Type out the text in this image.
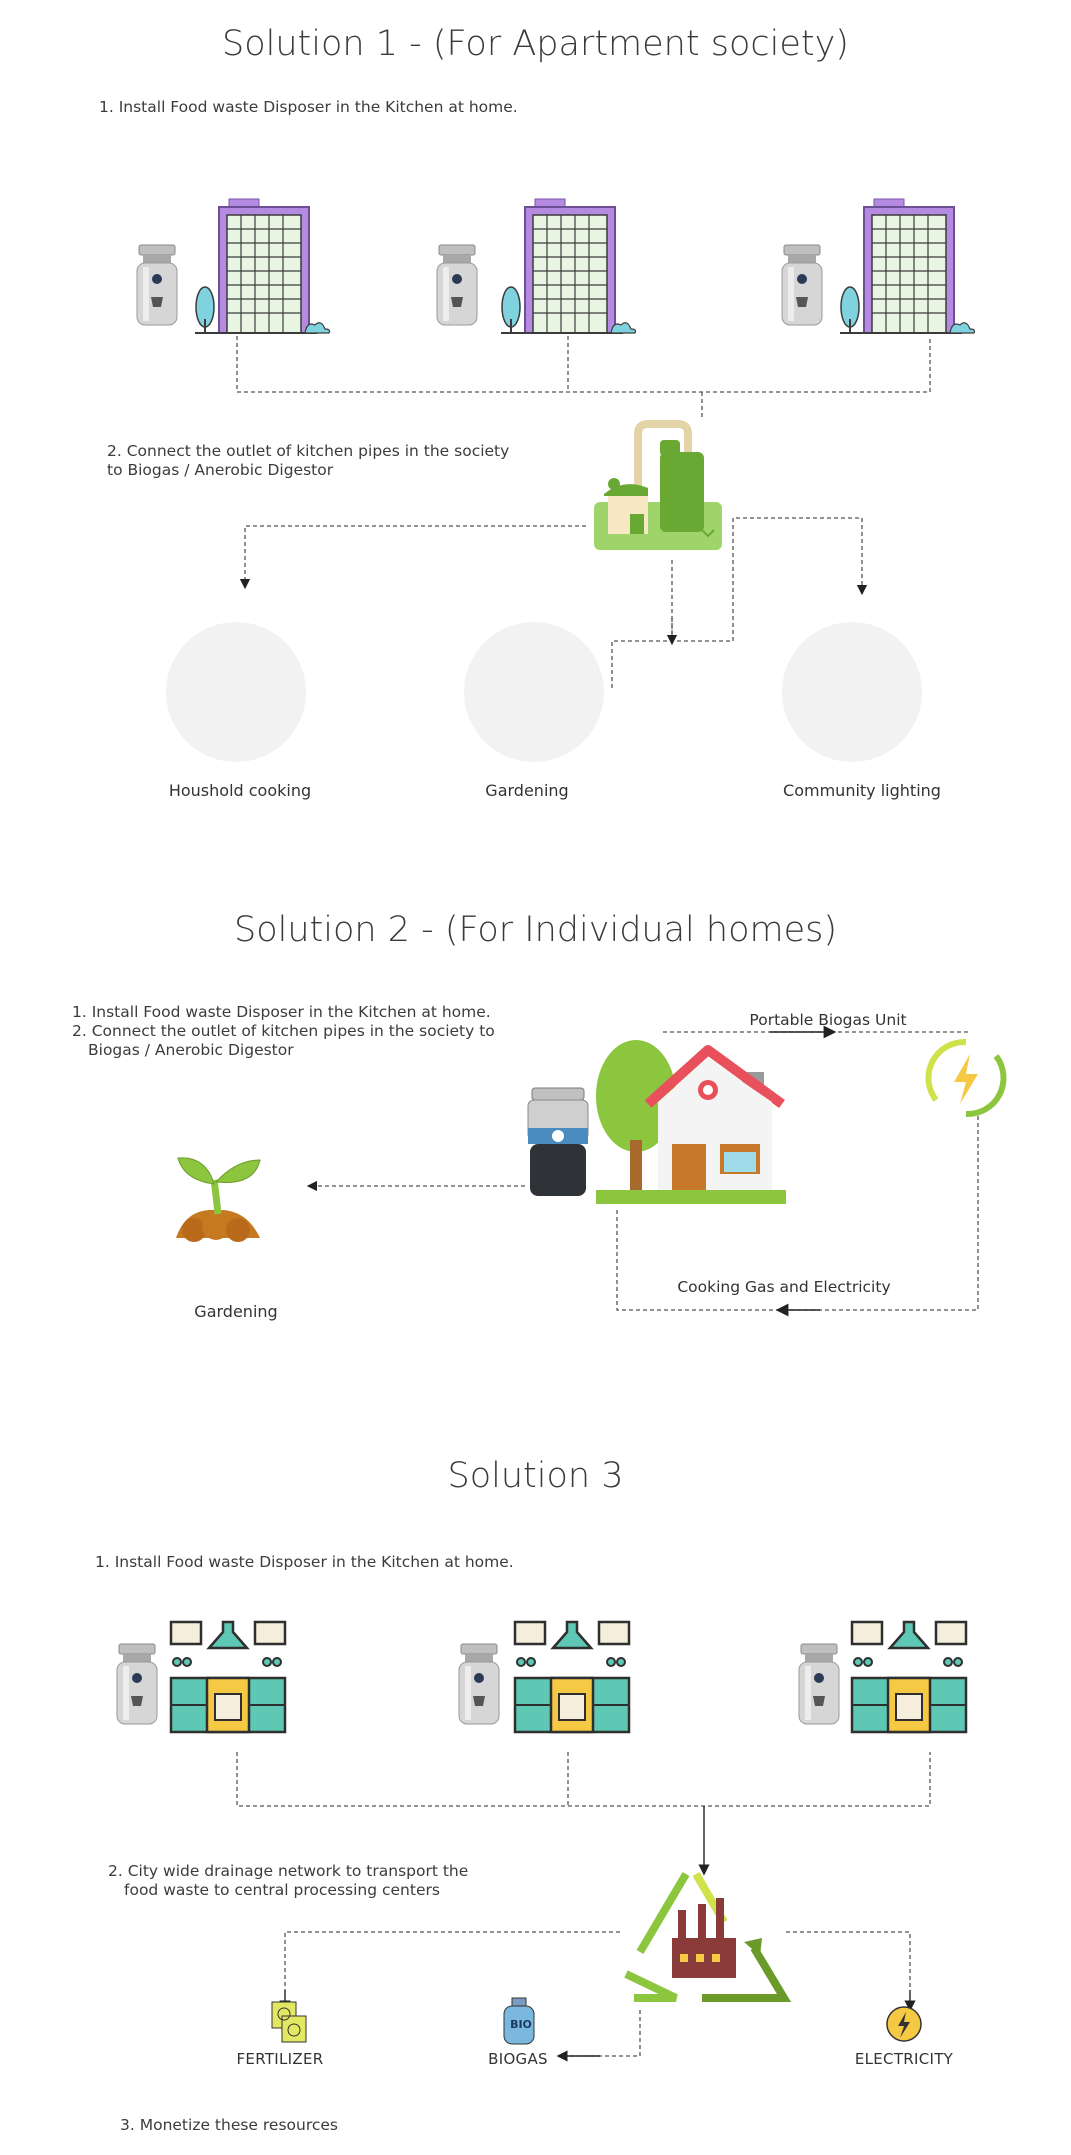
Solution 1 - (For Apartment society)
1. Install Food waste Disposer in the Kitchen at home.
2. Connect the outlet of kitchen pipes in the society
to Biogas / Anerobic Digestor
Houshold cooking	Gardening	Community lighting
Solution 2 - (For Individual homes)
1. Install Food waste Disposer in the Kitchen at home.
2. Connect the outlet of kitchen pipes in the society to
Biogas / Anerobic Digestor
Portable Biogas Unit
Cooking Gas and Electricity
Gardening
Solution 3
1. Install Food waste Disposer in the Kitchen at home.
2. City wide drainage network to transport the
food waste to central processing centers
FERTILIZER	BIOGAS	ELECTRICITY
BIO
3. Monetize these resources
